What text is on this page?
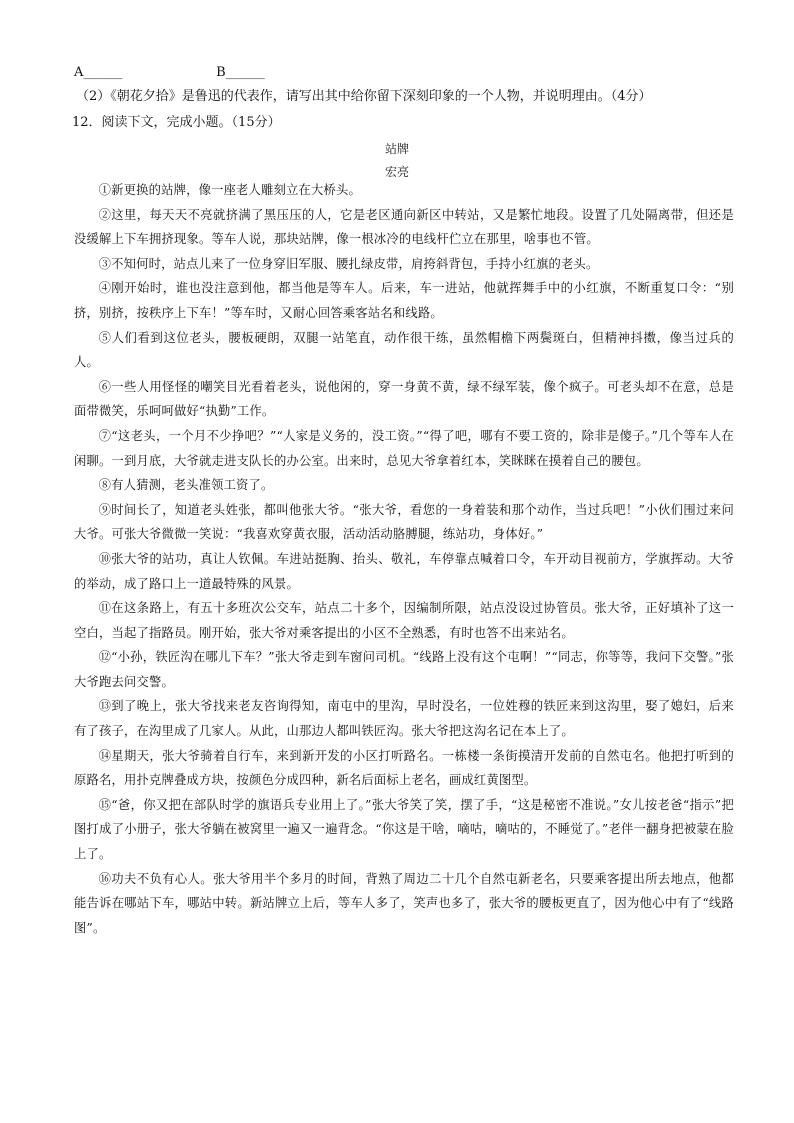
A______	B______
（2）《朝花夕拾》是鲁迅的代表作，请写出其中给你留下深刻印象的一个人物，并说明理由。（4分）
12．阅读下文，完成小题。（15分）
站牌
宏亮

①新更换的站牌，像一座老人雕刻立在大桥头。

②这里，每天天不亮就挤满了黑压压的人，它是老区通向新区中转站，又是繁忙地段。设置了几处隔离带，但还是没缓解上下车拥挤现象。等车人说，那块站牌，像一根冰冷的电线杆伫立在那里，啥事也不管。

③不知何时，站点儿来了一位身穿旧军服、腰扎绿皮带，肩挎斜背包，手持小红旗的老头。

④刚开始时，谁也没注意到他，都当他是等车人。后来，车一进站，他就挥舞手中的小红旗，不断重复口令：“别挤，别挤，按秩序上下车！”等车时，又耐心回答乘客站名和线路。

⑤人们看到这位老头，腰板硬朗，双腿一站笔直，动作很干练，虽然帽檐下两鬓斑白，但精神抖擞，像当过兵的人。

⑥一些人用怪怪的嘲笑目光看着老头，说他闲的，穿一身黄不黄，绿不绿军装，像个疯子。可老头却不在意，总是面带微笑，乐呵呵做好“执勤”工作。

⑦“这老头，一个月不少挣吧？”“人家是义务的，没工资。”“得了吧，哪有不要工资的，除非是傻子。”几个等车人在闲聊。一到月底，大爷就走进支队长的办公室。出来时，总见大爷拿着红本，笑眯眯在摸着自己的腰包。

⑧有人猜测，老头准领工资了。

⑨时间长了，知道老头姓张，都叫他张大爷。“张大爷，看您的一身着装和那个动作，当过兵吧！”小伙们围过来问大爷。可张大爷微微一笑说：“我喜欢穿黄衣服，活动活动胳膊腿，练站功，身体好。”

⑩张大爷的站功，真让人钦佩。车进站挺胸、抬头、敬礼，车停靠点喊着口令，车开动目视前方，学旗挥动。大爷的举动，成了路口上一道最特殊的风景。

⑪在这条路上，有五十多班次公交车，站点二十多个，因编制所限，站点没设过协管员。张大爷，正好填补了这一空白，当起了指路员。刚开始，张大爷对乘客提出的小区不全熟悉，有时也答不出来站名。

⑫“小孙，铁匠沟在哪儿下车？”张大爷走到车窗问司机。“线路上没有这个屯啊！”“同志，你等等，我问下交警。”张大爷跑去问交警。

⑬到了晚上，张大爷找来老友咨询得知，南屯中的里沟，早时没名，一位姓穆的铁匠来到这沟里，娶了媳妇，后来有了孩子，在沟里成了几家人。从此，山那边人都叫铁匠沟。张大爷把这沟名记在本上了。

⑭星期天，张大爷骑着自行车，来到新开发的小区打听路名。一栋楼一条街摸清开发前的自然屯名。他把打听到的原路名，用扑克牌叠成方块，按颜色分成四种，新名后面标上老名，画成红黄图型。

⑮“爸，你又把在部队时学的旗语兵专业用上了。”张大爷笑了笑，摆了手，“这是秘密不准说。”女儿按老爸“指示”把图打成了小册子，张大爷躺在被窝里一遍又一遍背念。“你这是干啥，嘀咕，嘀咕的，不睡觉了。”老伴一翻身把被蒙在脸上了。

⑯功夫不负有心人。张大爷用半个多月的时间，背熟了周边二十几个自然屯新老名，只要乘客提出所去地点，他都能告诉在哪站下车，哪站中转。新站牌立上后，等车人多了，笑声也多了，张大爷的腰板更直了，因为他心中有了“线路图”。
